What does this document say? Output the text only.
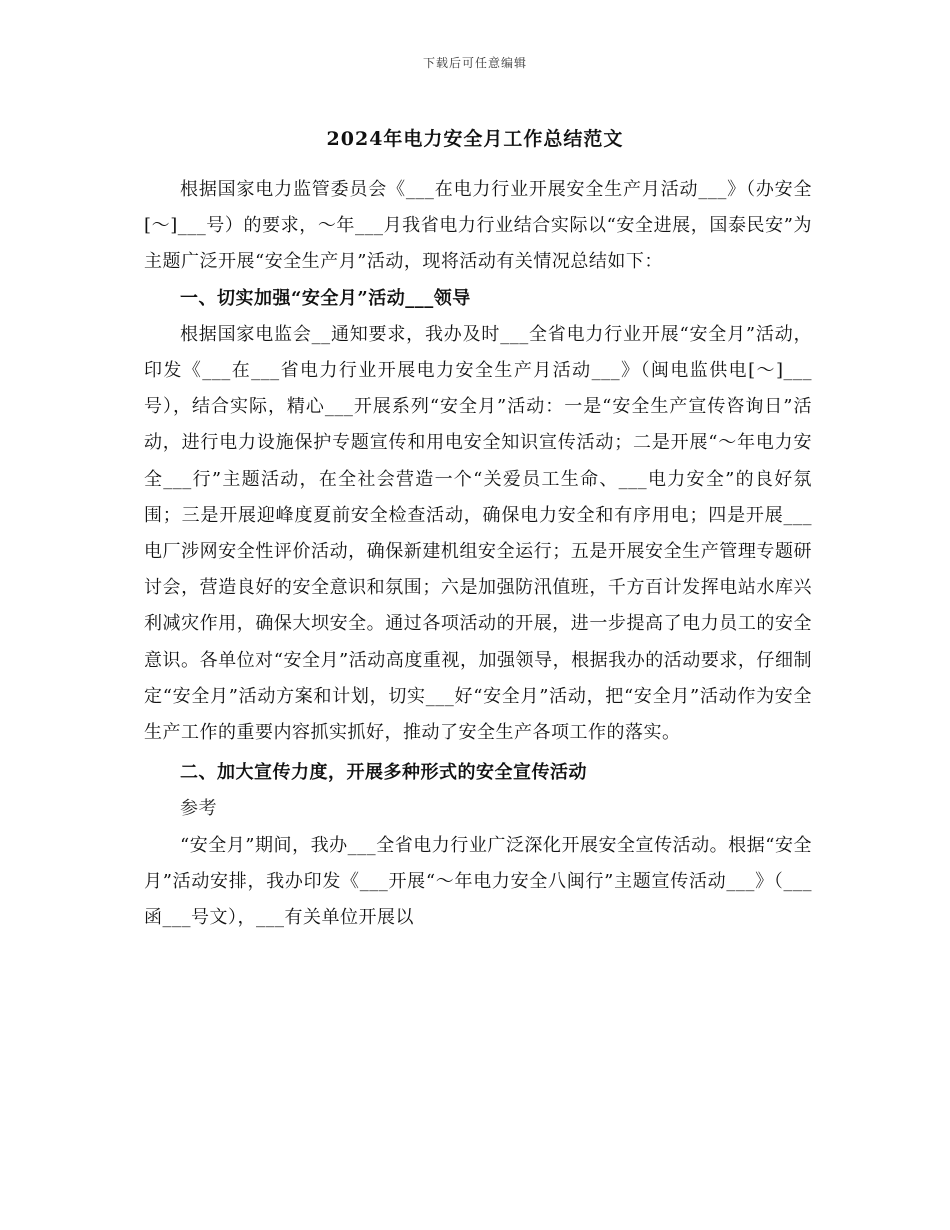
下载后可任意编辑
2024年电力安全月工作总结范文

根据国家电力监管委员会《___在电力行业开展安全生产月活动___》（办安全[～]___号）的要求，～年___月我省电力行业结合实际以“安全进展，国泰民安”为主题广泛开展“安全生产月”活动，现将活动有关情况总结如下：

一、切实加强“安全月”活动___领导

根据国家电监会__通知要求，我办及时___全省电力行业开展“安全月”活动，印发《___在___省电力行业开展电力安全生产月活动___》（闽电监供电[～]___号），结合实际，精心___开展系列“安全月”活动：一是“安全生产宣传咨询日”活动，进行电力设施保护专题宣传和用电安全知识宣传活动；二是开展“～年电力安全___行”主题活动，在全社会营造一个“关爱员工生命、___电力安全”的良好氛围；三是开展迎峰度夏前安全检查活动，确保电力安全和有序用电；四是开展___电厂涉网安全性评价活动，确保新建机组安全运行；五是开展安全生产管理专题研讨会，营造良好的安全意识和氛围；六是加强防汛值班，千方百计发挥电站水库兴利减灾作用，确保大坝安全。通过各项活动的开展，进一步提高了电力员工的安全意识。各单位对“安全月”活动高度重视，加强领导，根据我办的活动要求，仔细制定“安全月”活动方案和计划，切实___好“安全月”活动，把“安全月”活动作为安全生产工作的重要内容抓实抓好，推动了安全生产各项工作的落实。

二、加大宣传力度，开展多种形式的安全宣传活动

参考

“安全月”期间，我办___全省电力行业广泛深化开展安全宣传活动。根据“安全月”活动安排，我办印发《___开展“～年电力安全八闽行”主题宣传活动___》（___函___号文），___有关单位开展以
